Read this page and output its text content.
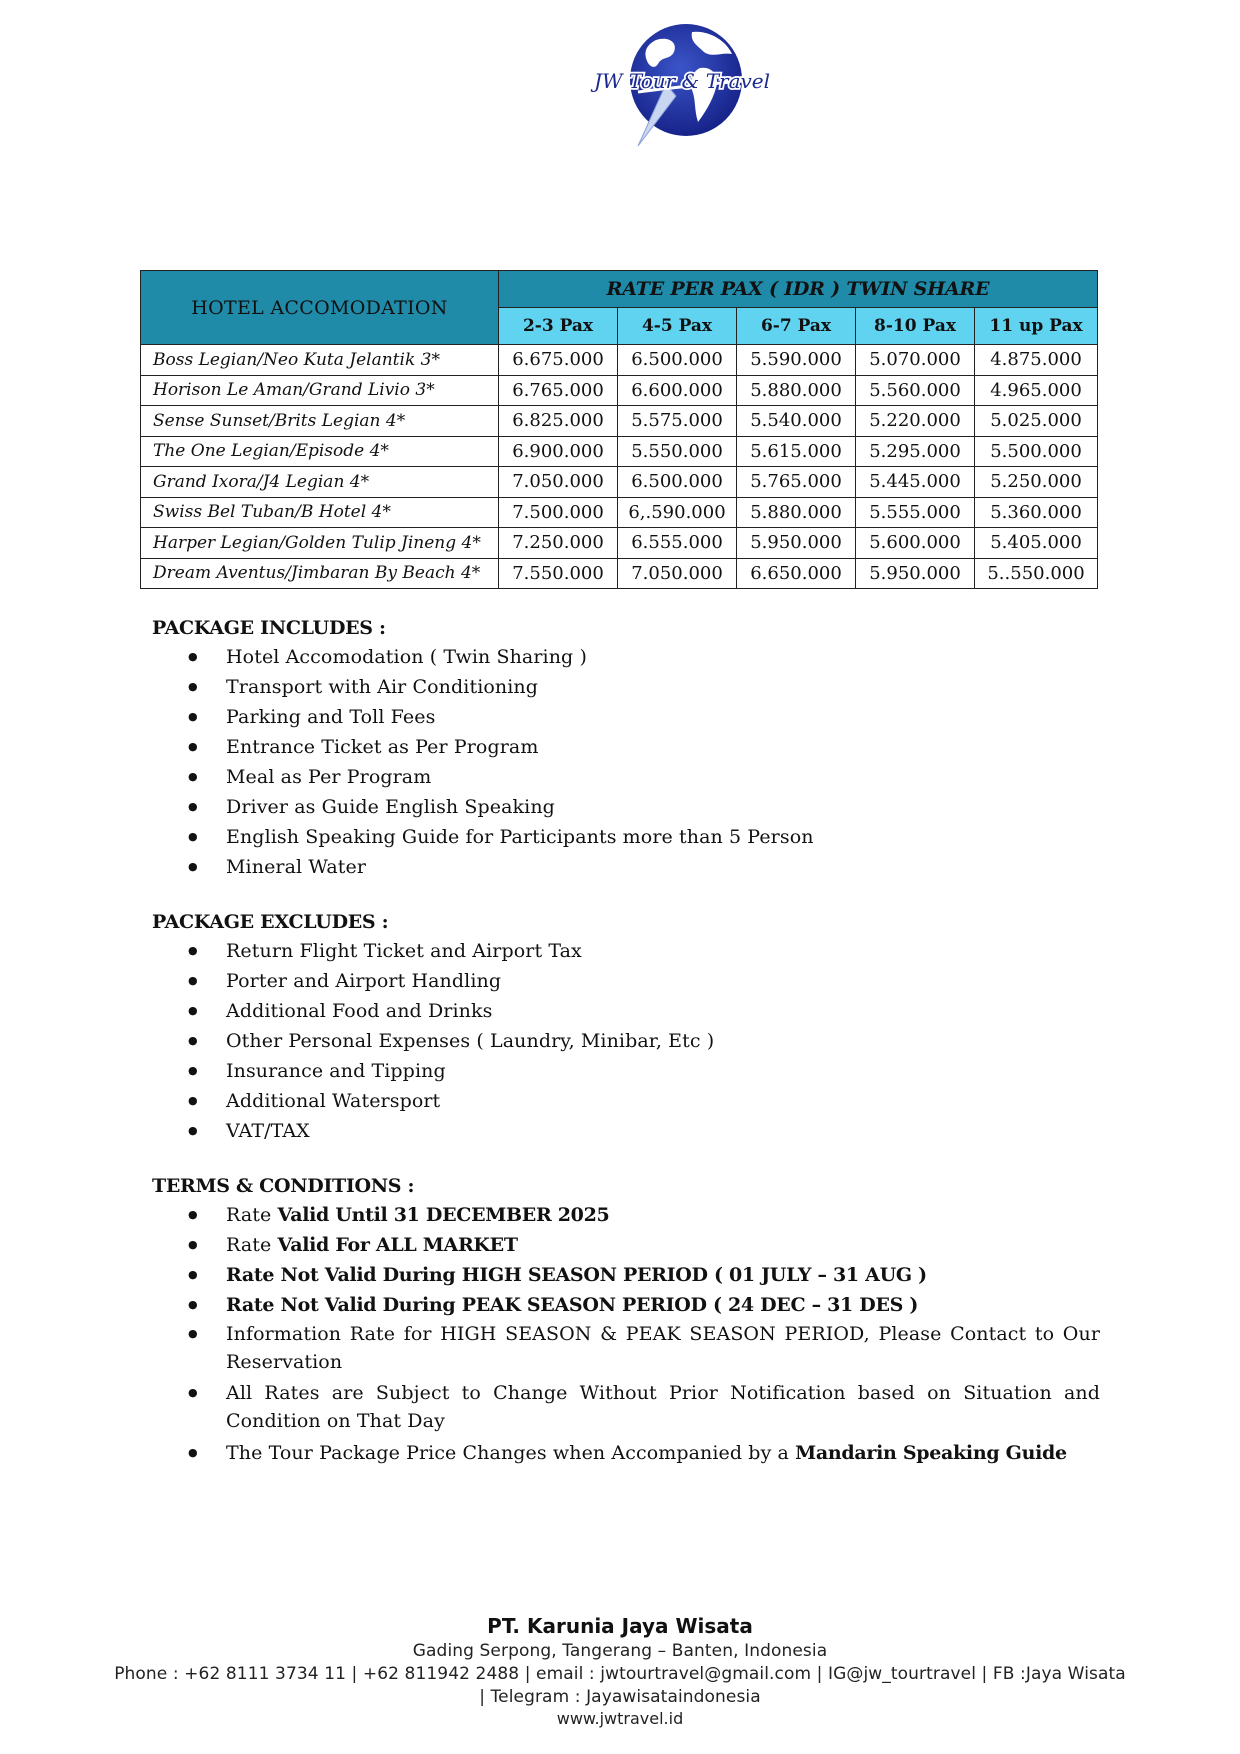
JW Tour & Travel
HOTEL ACCOMODATION	RATE PER PAX ( IDR ) TWIN SHARE				
	2-3 Pax	4-5 Pax	6-7 Pax	8-10 Pax	11 up Pax
Boss Legian/Neo Kuta Jelantik 3*	6.675.000	6.500.000	5.590.000	5.070.000	4.875.000
Horison Le Aman/Grand Livio 3*	6.765.000	6.600.000	5.880.000	5.560.000	4.965.000
Sense Sunset/Brits Legian 4*	6.825.000	5.575.000	5.540.000	5.220.000	5.025.000
The One Legian/Episode 4*	6.900.000	5.550.000	5.615.000	5.295.000	5.500.000
Grand Ixora/J4 Legian 4*	7.050.000	6.500.000	5.765.000	5.445.000	5.250.000
Swiss Bel Tuban/B Hotel 4*	7.500.000	6,.590.000	5.880.000	5.555.000	5.360.000
Harper Legian/Golden Tulip Jineng 4*	7.250.000	6.555.000	5.950.000	5.600.000	5.405.000
Dream Aventus/Jimbaran By Beach 4*	7.550.000	7.050.000	6.650.000	5.950.000	5..550.000
PACKAGE INCLUDES :
● Hotel Accomodation ( Twin Sharing )
● Transport with Air Conditioning
● Parking and Toll Fees
● Entrance Ticket as Per Program
● Meal as Per Program
● Driver as Guide English Speaking
● English Speaking Guide for Participants more than 5 Person
● Mineral Water
PACKAGE EXCLUDES :
● Return Flight Ticket and Airport Tax
● Porter and Airport Handling
● Additional Food and Drinks
● Other Personal Expenses ( Laundry, Minibar, Etc )
● Insurance and Tipping
● Additional Watersport
● VAT/TAX
TERMS & CONDITIONS :
● Rate Valid Until 31 DECEMBER 2025
● Rate Valid For ALL MARKET
● Rate Not Valid During HIGH SEASON PERIOD ( 01 JULY – 31 AUG )
● Rate Not Valid During PEAK SEASON PERIOD ( 24 DEC – 31 DES )
● Information Rate for HIGH SEASON & PEAK SEASON PERIOD, Please Contact to Our Reservation
● All Rates are Subject to Change Without Prior Notification based on Situation and Condition on That Day
● The Tour Package Price Changes when Accompanied by a Mandarin Speaking Guide
PT. Karunia Jaya Wisata
Gading Serpong, Tangerang – Banten, Indonesia
Phone : +62 8111 3734 11 | +62 811942 2488 | email : jwtourtravel@gmail.com | IG@jw_tourtravel | FB :Jaya Wisata
| Telegram : Jayawisataindonesia
www.jwtravel.id
